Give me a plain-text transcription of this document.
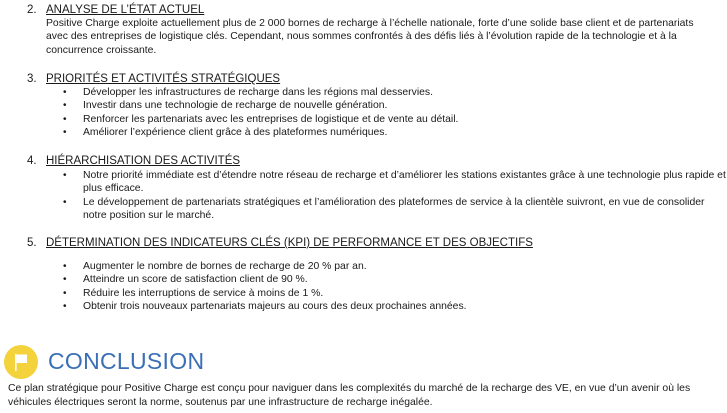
2. ANALYSE DE L’ÉTAT ACTUEL

Positive Charge exploite actuellement plus de 2 000 bornes de recharge à l’échelle nationale, forte d’une solide base client et de partenariats avec des entreprises de logistique clés. Cependant, nous sommes confrontés à des défis liés à l’évolution rapide de la technologie et à la concurrence croissante.

3. PRIORITÉS ET ACTIVITÉS STRATÉGIQUES
• Développer les infrastructures de recharge dans les régions mal desservies.
• Investir dans une technologie de recharge de nouvelle génération.
• Renforcer les partenariats avec les entreprises de logistique et de vente au détail.
• Améliorer l’expérience client grâce à des plateformes numériques.
4. HIÉRARCHISATION DES ACTIVITÉS
• Notre priorité immédiate est d’étendre notre réseau de recharge et d’améliorer les stations existantes grâce à une technologie plus rapide et plus efficace.
• Le développement de partenariats stratégiques et l’amélioration des plateformes de service à la clientèle suivront, en vue de consolider notre position sur le marché.
5. DÉTERMINATION DES INDICATEURS CLÉS (KPI) DE PERFORMANCE ET DES OBJECTIFS
• Augmenter le nombre de bornes de recharge de 20 % par an.
• Atteindre un score de satisfaction client de 90 %.
• Réduire les interruptions de service à moins de 1 %.
• Obtenir trois nouveaux partenariats majeurs au cours des deux prochaines années.
CONCLUSION

Ce plan stratégique pour Positive Charge est conçu pour naviguer dans les complexités du marché de la recharge des VE, en vue d’un avenir où les véhicules électriques seront la norme, soutenus par une infrastructure de recharge inégalée.
